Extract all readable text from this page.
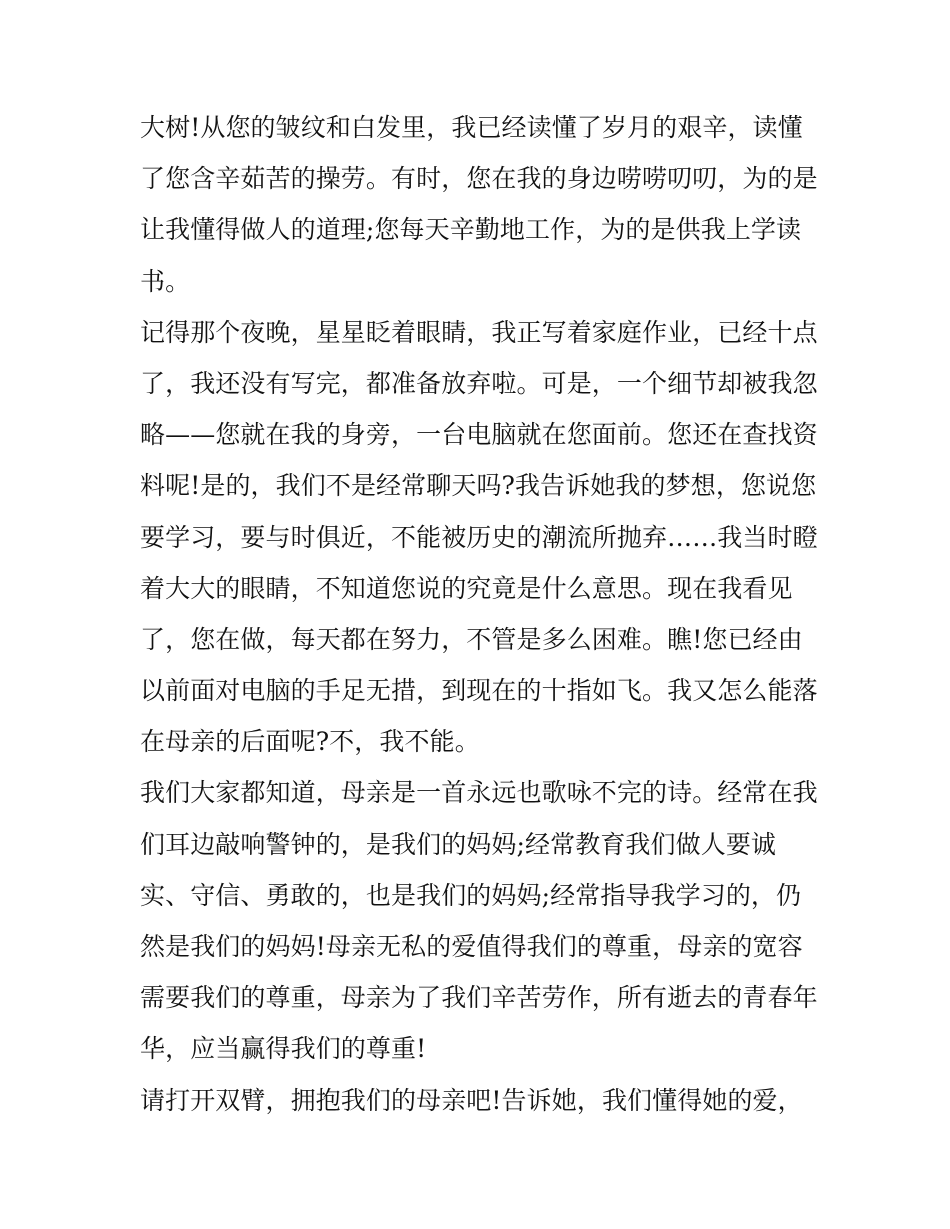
大树!从您的皱纹和白发里，我已经读懂了岁月的艰辛，读懂
了您含辛茹苦的操劳。有时，您在我的身边唠唠叨叨，为的是
让我懂得做人的道理;您每天辛勤地工作，为的是供我上学读
书。
记得那个夜晚，星星眨着眼睛，我正写着家庭作业，已经十点
了，我还没有写完，都准备放弃啦。可是，一个细节却被我忽
略——您就在我的身旁，一台电脑就在您面前。您还在查找资
料呢!是的，我们不是经常聊天吗?我告诉她我的梦想，您说您
要学习，要与时俱近，不能被历史的潮流所抛弃……我当时瞪
着大大的眼睛，不知道您说的究竟是什么意思。现在我看见
了，您在做，每天都在努力，不管是多么困难。瞧!您已经由
以前面对电脑的手足无措，到现在的十指如飞。我又怎么能落
在母亲的后面呢?不，我不能。
我们大家都知道，母亲是一首永远也歌咏不完的诗。经常在我
们耳边敲响警钟的，是我们的妈妈;经常教育我们做人要诚
实、守信、勇敢的，也是我们的妈妈;经常指导我学习的，仍
然是我们的妈妈!母亲无私的爱值得我们的尊重，母亲的宽容
需要我们的尊重，母亲为了我们辛苦劳作，所有逝去的青春年
华，应当赢得我们的尊重!
请打开双臂，拥抱我们的母亲吧!告诉她，我们懂得她的爱，
